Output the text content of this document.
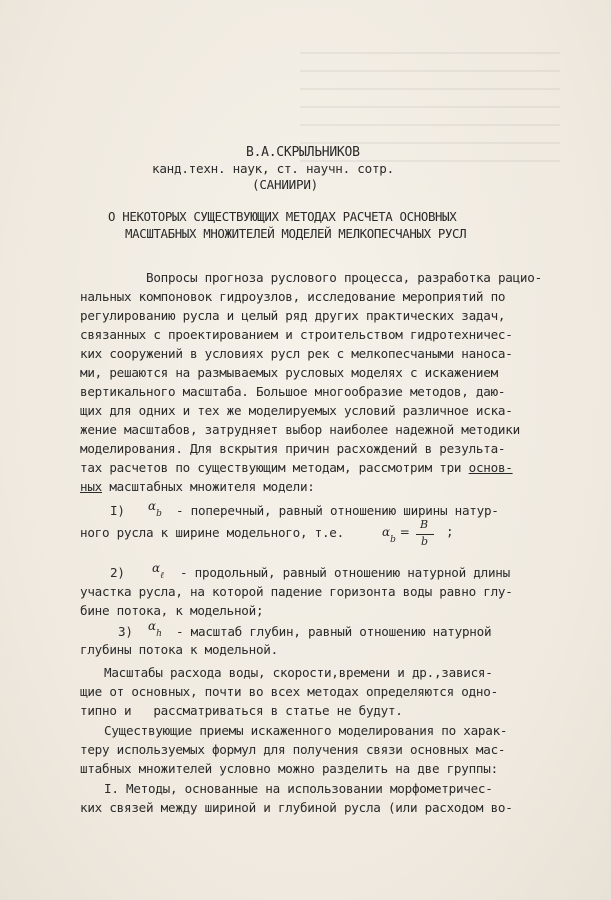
В.А.СКРЫЛЬНИКОВ
канд.техн. наук, ст. научн. сотр.
(САНИИРИ)
О НЕКОТОРЫХ СУЩЕСТВУЮЩИХ МЕТОДАХ РАСЧЕТА ОСНОВНЫХ
МАСШТАБНЫХ МНОЖИТЕЛЕЙ МОДЕЛЕЙ МЕЛКОПЕСЧАНЫХ РУСЛ
Вопросы прогноза руслового процесса, разработка рацио-
нальных компоновок гидроузлов, исследование мероприятий по
регулированию русла и целый ряд других практических задач,
связанных с проектированием и строительством гидротехничес-
ких сооружений в условиях русл рек с мелкопесчаными наноса-
ми, решаются на размываемых русловых моделях с искажением
вертикального масштаба. Большое многообразие методов, даю-
щих для одних и тех же моделируемых условий различное иска-
жение масштабов, затрудняет выбор наиболее надежной методики
моделирования. Для вскрытия причин расхождений в результа-
тах расчетов по существующим методам, рассмотрим три основ-
ных масштабных множителя модели:
I) $\alpha_b$ - поперечный, равный отношению ширины натур-
ного русла к ширине модельного, т.е.	$\alpha_b$ =
B
b
;
2) $\alpha_\ell$ - продольный, равный отношению натурной длины
участка русла, на которой падение горизонта воды равно глу-
бине потока, к модельной;
3) $\alpha_h$ - масштаб глубин, равный отношению натурной
глубины потока к модельной.
Масштабы расхода воды, скорости,времени и др.,завися-
щие от основных, почти во всех методах определяются одно-
типно и   рассматриваться в статье не будут.
Существующие приемы искаженного моделирования по харак-
теру используемых формул для получения связи основных мас-
штабных множителей условно можно разделить на две группы:
I. Методы, основанные на использовании морфометричес-
ких связей между шириной и глубиной русла (или расходом во-
